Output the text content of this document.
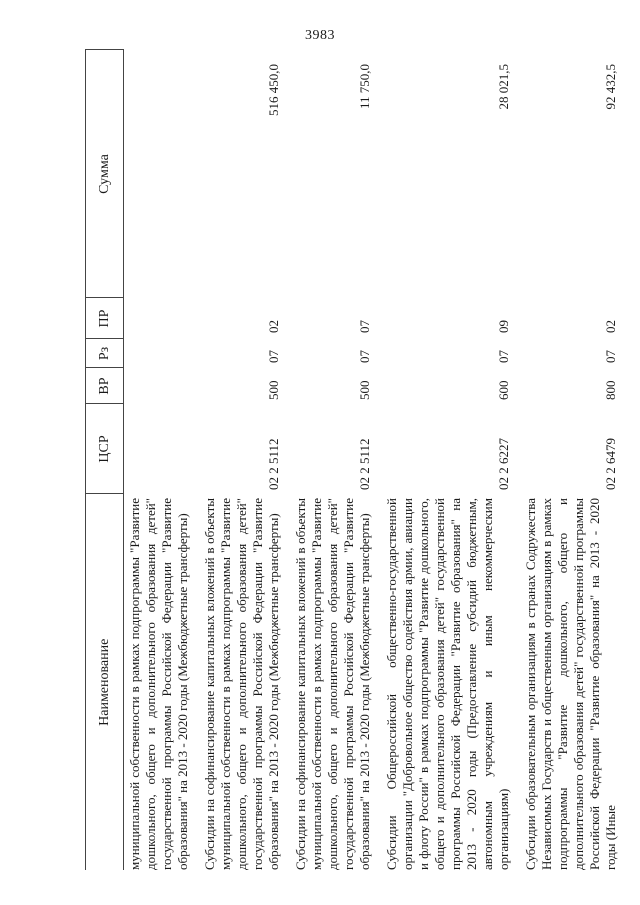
3983
Наименование	ЦСР	ВР	Рз	ПР	Сумма
муниципальной собственности в рамках подпрограммы "Развитие дошкольного, общего и дополнительного образования детей" государственной программы Российской Федерации "Развитие образования" на 2013 - 2020 годы (Межбюджетные трансферты)					
Субсидии на софинансирование капитальных вложений в объекты муниципальной собственности в рамках подпрограммы "Развитие дошкольного, общего и дополнительного образования детей" государственной программы Российской Федерации "Развитие образования" на 2013 - 2020 годы (Межбюджетные трансферты)	02 2 5112	500	07	02	516 450,0
Субсидии на софинансирование капитальных вложений в объекты муниципальной собственности в рамках подпрограммы "Развитие дошкольного, общего и дополнительного образования детей" государственной программы Российской Федерации "Развитие образования" на 2013 - 2020 годы (Межбюджетные трансферты)	02 2 5112	500	07	07	11 750,0
Субсидии Общероссийской общественно-государственной организации "Добровольное общество содействия армии, авиации и флоту России" в рамках подпрограммы "Развитие дошкольного, общего и дополнительного образования детей" государственной программы Российской Федерации "Развитие образования" на 2013 - 2020 годы (Предоставление субсидий бюджетным, автономным учреждениям и иным некоммерческим организациям)	02 2 6227	600	07	09	28 021,5
Субсидии образовательным организациям в странах Содружества Независимых Государств и общественным организациям в рамках подпрограммы "Развитие дошкольного, общего и дополнительного образования детей" государственной программы Российской Федерации "Развитие образования" на 2013 - 2020 годы (Иные	02 2 6479	800	07	02	92 432,5
